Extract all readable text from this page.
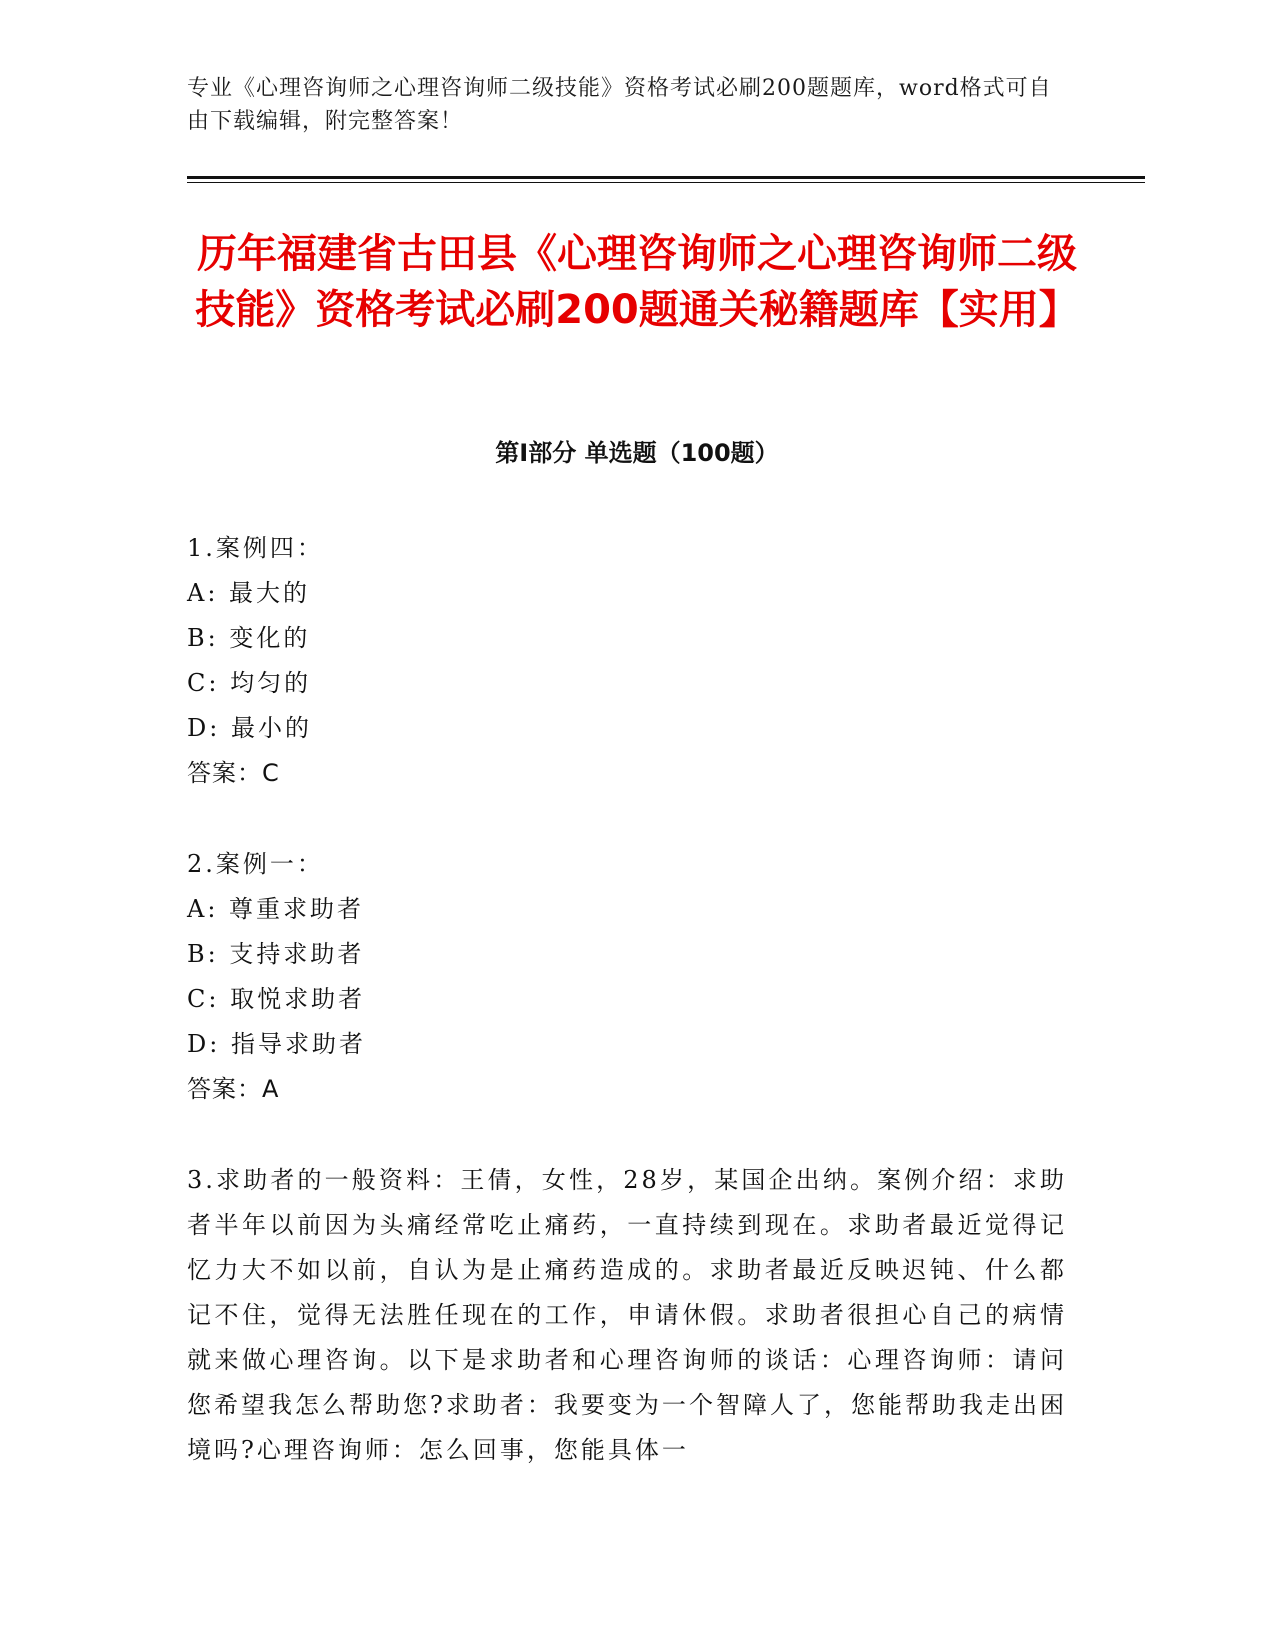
专业《心理咨询师之心理咨询师二级技能》资格考试必刷200题题库，word格式可自由下载编辑，附完整答案！
历年福建省古田县《心理咨询师之心理咨询师二级技能》资格考试必刷200题通关秘籍题库【实用】
第I部分 单选题（100题）
1.案例四：
A: 最大的
B: 变化的
C: 均匀的
D: 最小的
答案：C
2.案例一：
A: 尊重求助者
B: 支持求助者
C: 取悦求助者
D: 指导求助者
答案：A
3.求助者的一般资料：王倩，女性，28岁，某国企出纳。案例介绍：求助者半年以前因为头痛经常吃止痛药，一直持续到现在。求助者最近觉得记忆力大不如以前，自认为是止痛药造成的。求助者最近反映迟钝、什么都记不住，觉得无法胜任现在的工作，申请休假。求助者很担心自己的病情就来做心理咨询。以下是求助者和心理咨询师的谈话：心理咨询师：请问您希望我怎么帮助您?求助者：我要变为一个智障人了，您能帮助我走出困境吗?心理咨询师：怎么回事，您能具体一
